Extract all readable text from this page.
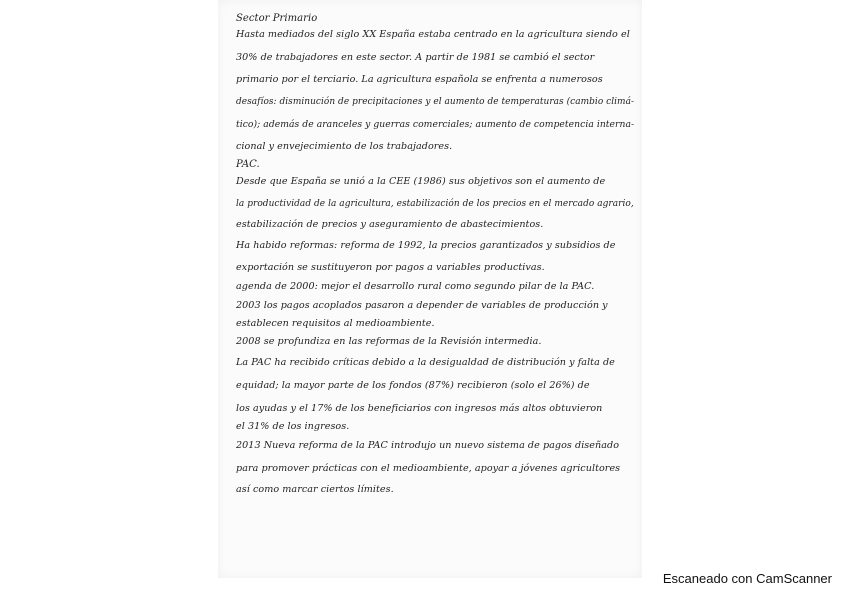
Sector Primario
Hasta mediados del siglo XX España estaba centrado en la agricultura siendo el
30% de trabajadores en este sector. A partir de 1981 se cambió el sector
primario por el terciario. La agricultura española se enfrenta a numerosos
desafíos: disminución de precipitaciones y el aumento de temperaturas (cambio climá-
tico); además de aranceles y guerras comerciales; aumento de competencia interna-
cional y envejecimiento de los trabajadores.
PAC.
Desde que España se unió a la CEE (1986) sus objetivos son el aumento de
la productividad de la agricultura, estabilización de los precios en el mercado agrario,
estabilización de precios y aseguramiento de abastecimientos.
Ha habido reformas: reforma de 1992, la precios garantizados y subsidios de
exportación se sustituyeron por pagos a variables productivas.
agenda de 2000: mejor el desarrollo rural como segundo pilar de la PAC.
2003 los pagos acoplados pasaron a depender de variables de producción y
establecen requisitos al medioambiente.
2008 se profundiza en las reformas de la Revisión intermedia.
La PAC ha recibido críticas debido a la desigualdad de distribución y falta de
equidad; la mayor parte de los fondos (87%) recibieron (solo el 26%) de
los ayudas y el 17% de los beneficiarios con ingresos más altos obtuvieron
el 31% de los ingresos.
2013 Nueva reforma de la PAC introdujo un nuevo sistema de pagos diseñado
para promover prácticas con el medioambiente, apoyar a jóvenes agricultores
así como marcar ciertos límites.
Escaneado con CamScanner
